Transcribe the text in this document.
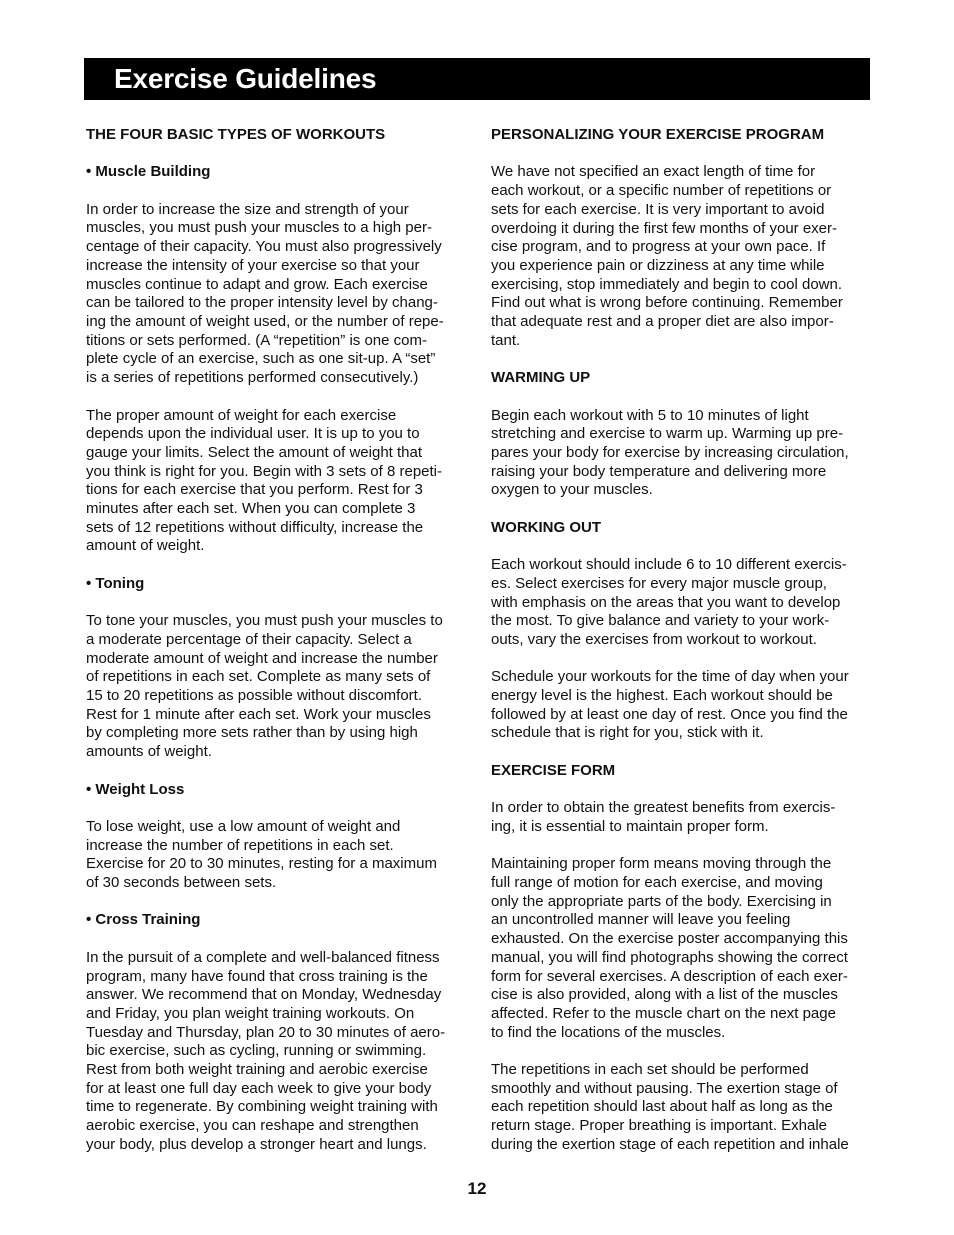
Exercise Guidelines

THE FOUR BASIC TYPES OF WORKOUTS

• Muscle Building

In order to increase the size and strength of your
muscles, you must push your muscles to a high per-
centage of their capacity. You must also progressively
increase the intensity of your exercise so that your
muscles continue to adapt and grow. Each exercise
can be tailored to the proper intensity level by chang-
ing the amount of weight used, or the number of repe-
titions or sets performed. (A “repetition” is one com-
plete cycle of an exercise, such as one sit-up. A “set”
is a series of repetitions performed consecutively.)

The proper amount of weight for each exercise
depends upon the individual user. It is up to you to
gauge your limits. Select the amount of weight that
you think is right for you. Begin with 3 sets of 8 repeti-
tions for each exercise that you perform. Rest for 3
minutes after each set. When you can complete 3
sets of 12 repetitions without difficulty, increase the
amount of weight.

• Toning

To tone your muscles, you must push your muscles to
a moderate percentage of their capacity. Select a
moderate amount of weight and increase the number
of repetitions in each set. Complete as many sets of
15 to 20 repetitions as possible without discomfort.
Rest for 1 minute after each set. Work your muscles
by completing more sets rather than by using high
amounts of weight.

• Weight Loss

To lose weight, use a low amount of weight and
increase the number of repetitions in each set.
Exercise for 20 to 30 minutes, resting for a maximum
of 30 seconds between sets.

• Cross Training

In the pursuit of a complete and well-balanced fitness
program, many have found that cross training is the
answer. We recommend that on Monday, Wednesday
and Friday, you plan weight training workouts. On
Tuesday and Thursday, plan 20 to 30 minutes of aero-
bic exercise, such as cycling, running or swimming.
Rest from both weight training and aerobic exercise
for at least one full day each week to give your body
time to regenerate. By combining weight training with
aerobic exercise, you can reshape and strengthen
your body, plus develop a stronger heart and lungs.

PERSONALIZING YOUR EXERCISE PROGRAM

We have not specified an exact length of time for
each workout, or a specific number of repetitions or
sets for each exercise. It is very important to avoid
overdoing it during the first few months of your exer-
cise program, and to progress at your own pace. If
you experience pain or dizziness at any time while
exercising, stop immediately and begin to cool down.
Find out what is wrong before continuing. Remember
that adequate rest and a proper diet are also impor-
tant.

WARMING UP

Begin each workout with 5 to 10 minutes of light
stretching and exercise to warm up. Warming up pre-
pares your body for exercise by increasing circulation,
raising your body temperature and delivering more
oxygen to your muscles.

WORKING OUT

Each workout should include 6 to 10 different exercis-
es. Select exercises for every major muscle group,
with emphasis on the areas that you want to develop
the most. To give balance and variety to your work-
outs, vary the exercises from workout to workout.

Schedule your workouts for the time of day when your
energy level is the highest. Each workout should be
followed by at least one day of rest. Once you find the
schedule that is right for you, stick with it.

EXERCISE FORM

In order to obtain the greatest benefits from exercis-
ing, it is essential to maintain proper form.

Maintaining proper form means moving through the
full range of motion for each exercise, and moving
only the appropriate parts of the body. Exercising in
an uncontrolled manner will leave you feeling
exhausted. On the exercise poster accompanying this
manual, you will find photographs showing the correct
form for several exercises. A description of each exer-
cise is also provided, along with a list of the muscles
affected. Refer to the muscle chart on the next page
to find the locations of the muscles.

The repetitions in each set should be performed
smoothly and without pausing. The exertion stage of
each repetition should last about half as long as the
return stage. Proper breathing is important. Exhale
during the exertion stage of each repetition and inhale

12
